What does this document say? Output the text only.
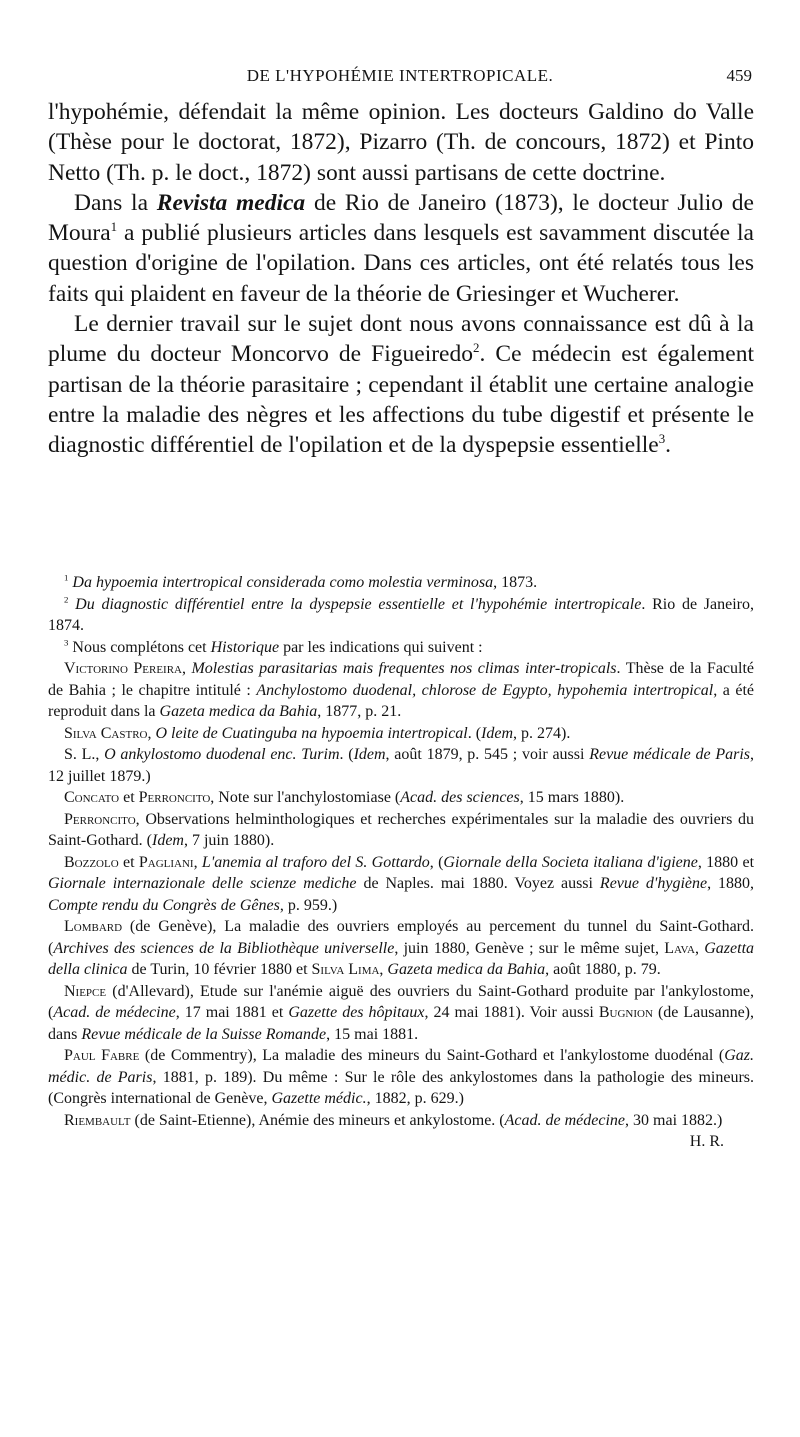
DE L'HYPOHÉMIE INTERTROPICALE.	459

l'hypohémie, défendait la même opinion. Les docteurs Galdino do Valle (Thèse pour le doctorat, 1872), Pizarro (Th. de concours, 1872) et Pinto Netto (Th. p. le doct., 1872) sont aussi partisans de cette doctrine.

Dans la Revista medica de Rio de Janeiro (1873), le docteur Julio de Moura$^1$ a publié plusieurs articles dans lesquels est savamment discutée la question d'origine de l'opilation. Dans ces articles, ont été relatés tous les faits qui plaident en faveur de la théorie de Griesinger et Wucherer.

Le dernier travail sur le sujet dont nous avons connaissance est dû à la plume du docteur Moncorvo de Figueiredo$^2$. Ce médecin est également partisan de la théorie parasitaire ; cependant il établit une certaine analogie entre la maladie des nègres et les affections du tube digestif et présente le diagnostic différentiel de l'opilation et de la dyspepsie essentielle$^3$.

$^1$ Da hypoemia intertropical considerada como molestia verminosa, 1873.

$^2$ Du diagnostic différentiel entre la dyspepsie essentielle et l'hypohémie intertropicale. Rio de Janeiro, 1874.

$^3$ Nous complétons cet Historique par les indications qui suivent :

Victorino Pereira, Molestias parasitarias mais frequentes nos climas inter-tropicals. Thèse de la Faculté de Bahia ; le chapitre intitulé : Anchylostomo duodenal, chlorose de Egypto, hypohemia intertropical, a été reproduit dans la Gazeta medica da Bahia, 1877, p. 21.

Silva Castro, O leite de Cuatinguba na hypoemia intertropical. (Idem, p. 274).

S. L., O ankylostomo duodenal enc. Turim. (Idem, août 1879, p. 545 ; voir aussi Revue médicale de Paris, 12 juillet 1879.)

Concato et Perroncito, Note sur l'anchylostomiase (Acad. des sciences, 15 mars 1880).

Perroncito, Observations helminthologiques et recherches expérimentales sur la maladie des ouvriers du Saint-Gothard. (Idem, 7 juin 1880).

Bozzolo et Pagliani, L'anemia al traforo del S. Gottardo, (Giornale della Societa italiana d'igiene, 1880 et Giornale internazionale delle scienze mediche de Naples. mai 1880. Voyez aussi Revue d'hygiène, 1880, Compte rendu du Congrès de Gênes, p. 959.)

Lombard (de Genève), La maladie des ouvriers employés au percement du tunnel du Saint-Gothard. (Archives des sciences de la Bibliothèque universelle, juin 1880, Genève ; sur le même sujet, Lava, Gazetta della clinica de Turin, 10 février 1880 et Silva Lima, Gazeta medica da Bahia, août 1880, p. 79.

Niepce (d'Allevard), Etude sur l'anémie aiguë des ouvriers du Saint-Gothard produite par l'ankylostome, (Acad. de médecine, 17 mai 1881 et Gazette des hôpitaux, 24 mai 1881). Voir aussi Bugnion (de Lausanne), dans Revue médicale de la Suisse Romande, 15 mai 1881.

Paul Fabre (de Commentry), La maladie des mineurs du Saint-Gothard et l'ankylostome duodénal (Gaz. médic. de Paris, 1881, p. 189). Du même : Sur le rôle des ankylostomes dans la pathologie des mineurs. (Congrès international de Genève, Gazette médic., 1882, p. 629.)

Riembault (de Saint-Etienne), Anémie des mineurs et ankylostome. (Acad. de médecine, 30 mai 1882.)
H. R.
